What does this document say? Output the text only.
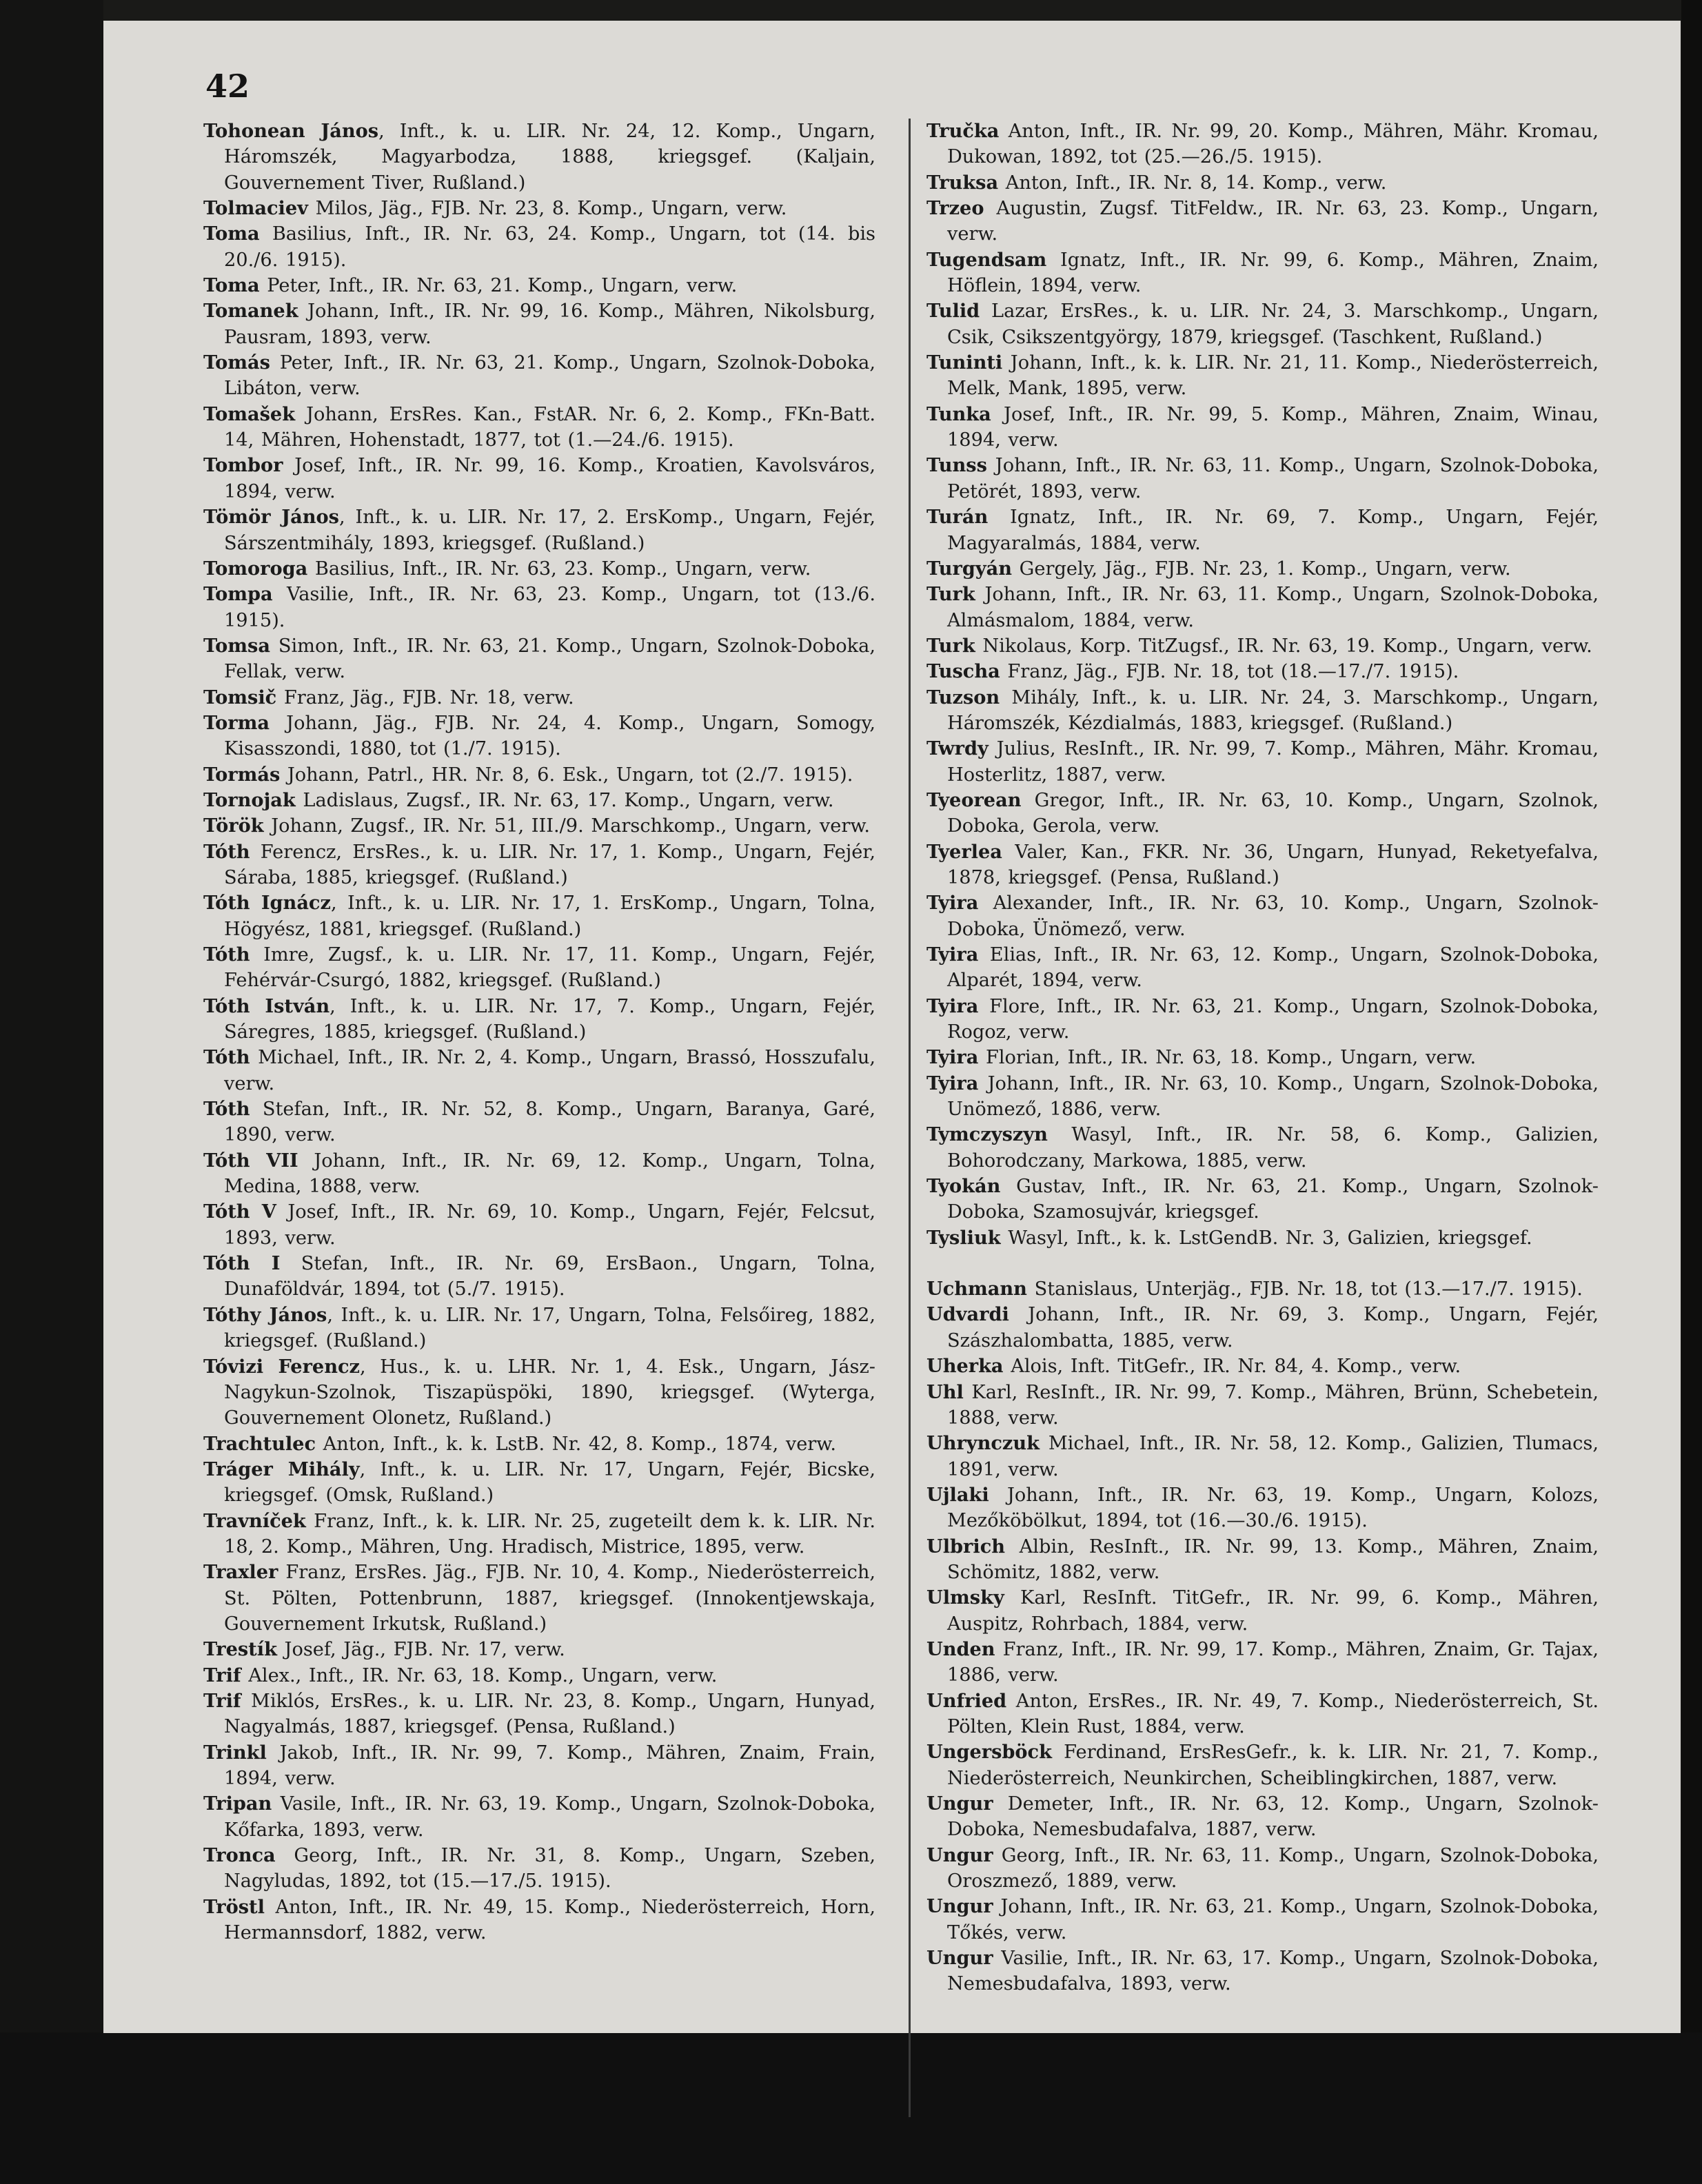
42
Tohonean János, Inft., k. u. LIR. Nr. 24, 12. Komp., Ungarn, Háromszék, Magyarbodza, 1888, kriegsgef. (Kaljain, Gouvernement Tiver, Rußland.)
Tolmaciev Milos, Jäg., FJB. Nr. 23, 8. Komp., Ungarn, verw.
Toma Basilius, Inft., IR. Nr. 63, 24. Komp., Ungarn, tot (14. bis 20./6. 1915).
Toma Peter, Inft., IR. Nr. 63, 21. Komp., Ungarn, verw.
Tomanek Johann, Inft., IR. Nr. 99, 16. Komp., Mähren, Nikolsburg, Pausram, 1893, verw.
Tomás Peter, Inft., IR. Nr. 63, 21. Komp., Ungarn, Szolnok-Doboka, Libáton, verw.
Tomašek Johann, ErsRes. Kan., FstAR. Nr. 6, 2. Komp., FKn-Batt. 14, Mähren, Hohenstadt, 1877, tot (1.—24./6. 1915).
Tombor Josef, Inft., IR. Nr. 99, 16. Komp., Kroatien, Kavolsváros, 1894, verw.
Tömör János, Inft., k. u. LIR. Nr. 17, 2. ErsKomp., Ungarn, Fejér, Sárszentmihály, 1893, kriegsgef. (Rußland.)
Tomoroga Basilius, Inft., IR. Nr. 63, 23. Komp., Ungarn, verw.
Tompa Vasilie, Inft., IR. Nr. 63, 23. Komp., Ungarn, tot (13./6. 1915).
Tomsa Simon, Inft., IR. Nr. 63, 21. Komp., Ungarn, Szolnok-Doboka, Fellak, verw.
Tomsič Franz, Jäg., FJB. Nr. 18, verw.
Torma Johann, Jäg., FJB. Nr. 24, 4. Komp., Ungarn, Somogy, Kisasszondi, 1880, tot (1./7. 1915).
Tormás Johann, Patrl., HR. Nr. 8, 6. Esk., Ungarn, tot (2./7. 1915).
Tornojak Ladislaus, Zugsf., IR. Nr. 63, 17. Komp., Ungarn, verw.
Török Johann, Zugsf., IR. Nr. 51, III./9. Marschkomp., Ungarn, verw.
Tóth Ferencz, ErsRes., k. u. LIR. Nr. 17, 1. Komp., Ungarn, Fejér, Sáraba, 1885, kriegsgef. (Rußland.)
Tóth Ignácz, Inft., k. u. LIR. Nr. 17, 1. ErsKomp., Ungarn, Tolna, Högyész, 1881, kriegsgef. (Rußland.)
Tóth Imre, Zugsf., k. u. LIR. Nr. 17, 11. Komp., Ungarn, Fejér, Fehérvár-Csurgó, 1882, kriegsgef. (Rußland.)
Tóth István, Inft., k. u. LIR. Nr. 17, 7. Komp., Ungarn, Fejér, Sáregres, 1885, kriegsgef. (Rußland.)
Tóth Michael, Inft., IR. Nr. 2, 4. Komp., Ungarn, Brassó, Hosszufalu, verw.
Tóth Stefan, Inft., IR. Nr. 52, 8. Komp., Ungarn, Baranya, Garé, 1890, verw.
Tóth VII Johann, Inft., IR. Nr. 69, 12. Komp., Ungarn, Tolna, Medina, 1888, verw.
Tóth V Josef, Inft., IR. Nr. 69, 10. Komp., Ungarn, Fejér, Felcsut, 1893, verw.
Tóth I Stefan, Inft., IR. Nr. 69, ErsBaon., Ungarn, Tolna, Dunaföldvár, 1894, tot (5./7. 1915).
Tóthy János, Inft., k. u. LIR. Nr. 17, Ungarn, Tolna, Felsőireg, 1882, kriegsgef. (Rußland.)
Tóvizi Ferencz, Hus., k. u. LHR. Nr. 1, 4. Esk., Ungarn, Jász-Nagykun-Szolnok, Tiszapüspöki, 1890, kriegsgef. (Wyterga, Gouvernement Olonetz, Rußland.)
Trachtulec Anton, Inft., k. k. LstB. Nr. 42, 8. Komp., 1874, verw.
Tráger Mihály, Inft., k. u. LIR. Nr. 17, Ungarn, Fejér, Bicske, kriegsgef. (Omsk, Rußland.)
Travníček Franz, Inft., k. k. LIR. Nr. 25, zugeteilt dem k. k. LIR. Nr. 18, 2. Komp., Mähren, Ung. Hradisch, Mistrice, 1895, verw.
Traxler Franz, ErsRes. Jäg., FJB. Nr. 10, 4. Komp., Niederösterreich, St. Pölten, Pottenbrunn, 1887, kriegsgef. (Innokentjewskaja, Gouvernement Irkutsk, Rußland.)
Trestík Josef, Jäg., FJB. Nr. 17, verw.
Trif Alex., Inft., IR. Nr. 63, 18. Komp., Ungarn, verw.
Trif Miklós, ErsRes., k. u. LIR. Nr. 23, 8. Komp., Ungarn, Hunyad, Nagyalmás, 1887, kriegsgef. (Pensa, Rußland.)
Trinkl Jakob, Inft., IR. Nr. 99, 7. Komp., Mähren, Znaim, Frain, 1894, verw.
Tripan Vasile, Inft., IR. Nr. 63, 19. Komp., Ungarn, Szolnok-Doboka, Kőfarka, 1893, verw.
Tronca Georg, Inft., IR. Nr. 31, 8. Komp., Ungarn, Szeben, Nagyludas, 1892, tot (15.—17./5. 1915).
Tröstl Anton, Inft., IR. Nr. 49, 15. Komp., Niederösterreich, Horn, Hermannsdorf, 1882, verw.
Tručka Anton, Inft., IR. Nr. 99, 20. Komp., Mähren, Mähr. Kromau, Dukowan, 1892, tot (25.—26./5. 1915).
Truksa Anton, Inft., IR. Nr. 8, 14. Komp., verw.
Trzeo Augustin, Zugsf. TitFeldw., IR. Nr. 63, 23. Komp., Ungarn, verw.
Tugendsam Ignatz, Inft., IR. Nr. 99, 6. Komp., Mähren, Znaim, Höflein, 1894, verw.
Tulid Lazar, ErsRes., k. u. LIR. Nr. 24, 3. Marschkomp., Ungarn, Csik, Csikszentgyörgy, 1879, kriegsgef. (Taschkent, Rußland.)
Tuninti Johann, Inft., k. k. LIR. Nr. 21, 11. Komp., Niederösterreich, Melk, Mank, 1895, verw.
Tunka Josef, Inft., IR. Nr. 99, 5. Komp., Mähren, Znaim, Winau, 1894, verw.
Tunss Johann, Inft., IR. Nr. 63, 11. Komp., Ungarn, Szolnok-Doboka, Petörét, 1893, verw.
Turán Ignatz, Inft., IR. Nr. 69, 7. Komp., Ungarn, Fejér, Magyaralmás, 1884, verw.
Turgyán Gergely, Jäg., FJB. Nr. 23, 1. Komp., Ungarn, verw.
Turk Johann, Inft., IR. Nr. 63, 11. Komp., Ungarn, Szolnok-Doboka, Almásmalom, 1884, verw.
Turk Nikolaus, Korp. TitZugsf., IR. Nr. 63, 19. Komp., Ungarn, verw.
Tuscha Franz, Jäg., FJB. Nr. 18, tot (18.—17./7. 1915).
Tuzson Mihály, Inft., k. u. LIR. Nr. 24, 3. Marschkomp., Ungarn, Háromszék, Kézdialmás, 1883, kriegsgef. (Rußland.)
Twrdy Julius, ResInft., IR. Nr. 99, 7. Komp., Mähren, Mähr. Kromau, Hosterlitz, 1887, verw.
Tyeorean Gregor, Inft., IR. Nr. 63, 10. Komp., Ungarn, Szolnok, Doboka, Gerola, verw.
Tyerlea Valer, Kan., FKR. Nr. 36, Ungarn, Hunyad, Reketyefalva, 1878, kriegsgef. (Pensa, Rußland.)
Tyira Alexander, Inft., IR. Nr. 63, 10. Komp., Ungarn, Szolnok-Doboka, Ünömező, verw.
Tyira Elias, Inft., IR. Nr. 63, 12. Komp., Ungarn, Szolnok-Doboka, Alparét, 1894, verw.
Tyira Flore, Inft., IR. Nr. 63, 21. Komp., Ungarn, Szolnok-Doboka, Rogoz, verw.
Tyira Florian, Inft., IR. Nr. 63, 18. Komp., Ungarn, verw.
Tyira Johann, Inft., IR. Nr. 63, 10. Komp., Ungarn, Szolnok-Doboka, Unömező, 1886, verw.
Tymczyszyn Wasyl, Inft., IR. Nr. 58, 6. Komp., Galizien, Bohorodczany, Markowa, 1885, verw.
Tyokán Gustav, Inft., IR. Nr. 63, 21. Komp., Ungarn, Szolnok-Doboka, Szamosujvár, kriegsgef.
Tysliuk Wasyl, Inft., k. k. LstGendB. Nr. 3, Galizien, kriegsgef.
Uchmann Stanislaus, Unterjäg., FJB. Nr. 18, tot (13.—17./7. 1915).
Udvardi Johann, Inft., IR. Nr. 69, 3. Komp., Ungarn, Fejér, Szászhalombatta, 1885, verw.
Uherka Alois, Inft. TitGefr., IR. Nr. 84, 4. Komp., verw.
Uhl Karl, ResInft., IR. Nr. 99, 7. Komp., Mähren, Brünn, Schebetein, 1888, verw.
Uhrynczuk Michael, Inft., IR. Nr. 58, 12. Komp., Galizien, Tlumacs, 1891, verw.
Ujlaki Johann, Inft., IR. Nr. 63, 19. Komp., Ungarn, Kolozs, Mezőköbölkut, 1894, tot (16.—30./6. 1915).
Ulbrich Albin, ResInft., IR. Nr. 99, 13. Komp., Mähren, Znaim, Schömitz, 1882, verw.
Ulmsky Karl, ResInft. TitGefr., IR. Nr. 99, 6. Komp., Mähren, Auspitz, Rohrbach, 1884, verw.
Unden Franz, Inft., IR. Nr. 99, 17. Komp., Mähren, Znaim, Gr. Tajax, 1886, verw.
Unfried Anton, ErsRes., IR. Nr. 49, 7. Komp., Niederösterreich, St. Pölten, Klein Rust, 1884, verw.
Ungersböck Ferdinand, ErsResGefr., k. k. LIR. Nr. 21, 7. Komp., Niederösterreich, Neunkirchen, Scheiblingkirchen, 1887, verw.
Ungur Demeter, Inft., IR. Nr. 63, 12. Komp., Ungarn, Szolnok-Doboka, Nemesbudafalva, 1887, verw.
Ungur Georg, Inft., IR. Nr. 63, 11. Komp., Ungarn, Szolnok-Doboka, Oroszmező, 1889, verw.
Ungur Johann, Inft., IR. Nr. 63, 21. Komp., Ungarn, Szolnok-Doboka, Tőkés, verw.
Ungur Vasilie, Inft., IR. Nr. 63, 17. Komp., Ungarn, Szolnok-Doboka, Nemesbudafalva, 1893, verw.
